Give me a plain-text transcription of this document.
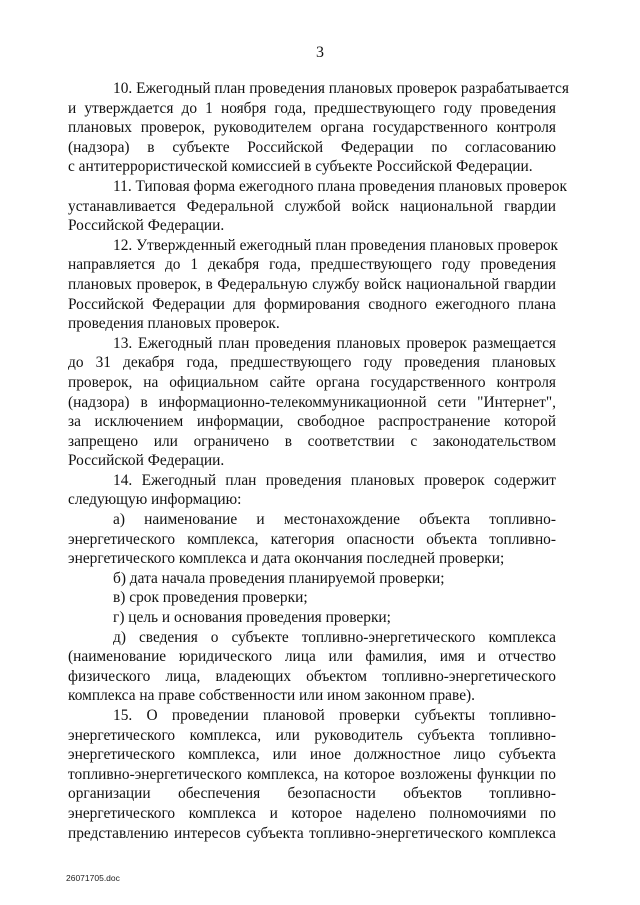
3
10. Ежегодный план проведения плановых проверок разрабатывается
и утверждается до 1 ноября года, предшествующего году проведения
плановых проверок, руководителем органа государственного контроля
(надзора) в субъекте Российской Федерации по согласованию
с антитеррористической комиссией в субъекте Российской Федерации.
11. Типовая форма ежегодного плана проведения плановых проверок
устанавливается Федеральной службой войск национальной гвардии
Российской Федерации.
12. Утвержденный ежегодный план проведения плановых проверок
направляется до 1 декабря года, предшествующего году проведения
плановых проверок, в Федеральную службу войск национальной гвардии
Российской Федерации для формирования сводного ежегодного плана
проведения плановых проверок.
13. Ежегодный план проведения плановых проверок размещается
до 31 декабря года, предшествующего году проведения плановых
проверок, на официальном сайте органа государственного контроля
(надзора) в информационно-телекоммуникационной сети "Интернет",
за исключением информации, свободное распространение которой
запрещено или ограничено в соответствии с законодательством
Российской Федерации.
14. Ежегодный план проведения плановых проверок содержит
следующую информацию:
а) наименование и местонахождение объекта топливно-
энергетического комплекса, категория опасности объекта топливно-
энергетического комплекса и дата окончания последней проверки;
б) дата начала проведения планируемой проверки;
в) срок проведения проверки;
г) цель и основания проведения проверки;
д) сведения о субъекте топливно-энергетического комплекса
(наименование юридического лица или фамилия, имя и отчество
физического лица, владеющих объектом топливно-энергетического
комплекса на праве собственности или ином законном праве).
15. О проведении плановой проверки субъекты топливно-
энергетического комплекса, или руководитель субъекта топливно-
энергетического комплекса, или иное должностное лицо субъекта
топливно-энергетического комплекса, на которое возложены функции по
организации обеспечения безопасности объектов топливно-
энергетического комплекса и которое наделено полномочиями по
представлению интересов субъекта топливно-энергетического комплекса
26071705.doc
